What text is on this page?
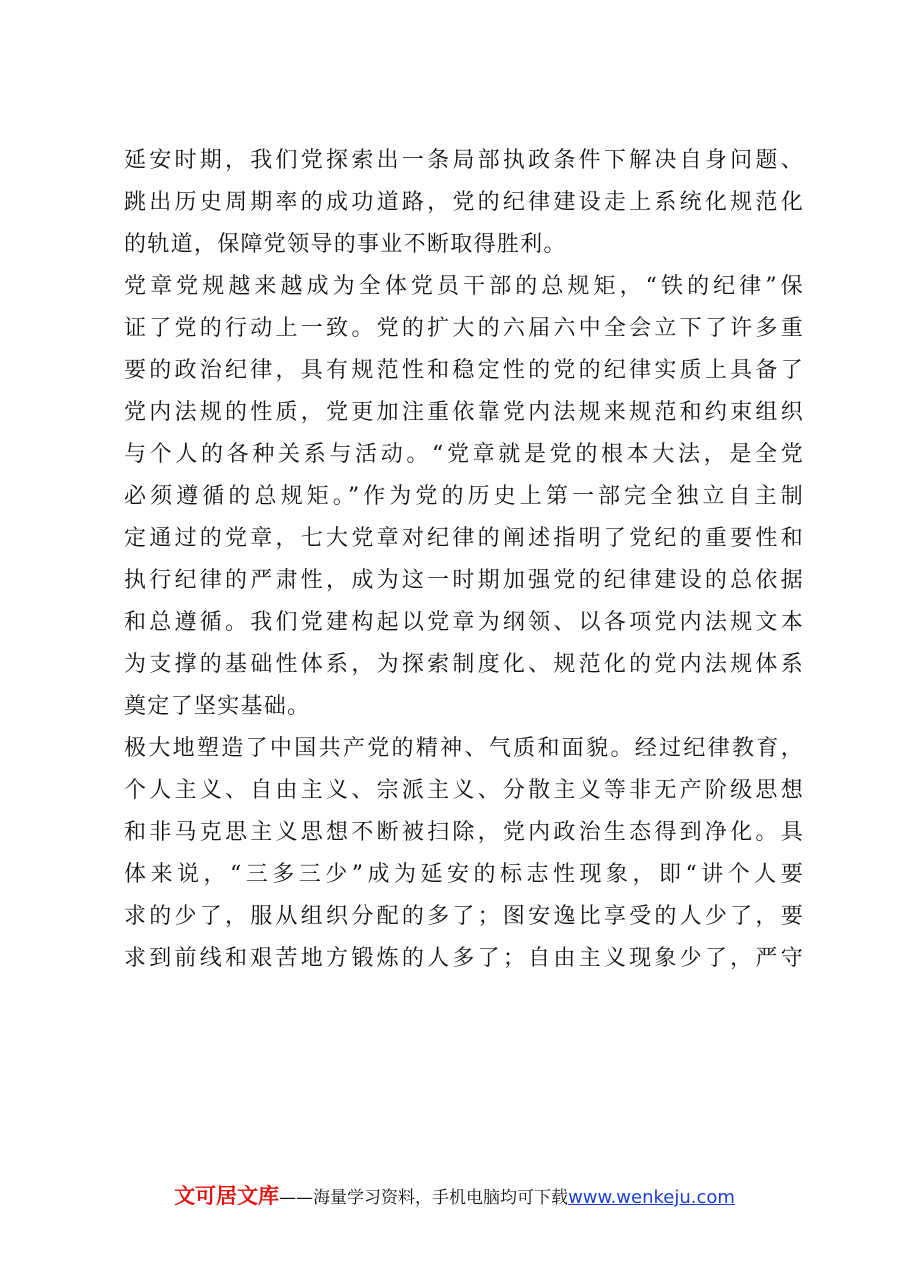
延安时期，我们党探索出一条局部执政条件下解决自身问题、
跳出历史周期率的成功道路，党的纪律建设走上系统化规范化
的轨道，保障党领导的事业不断取得胜利。
党章党规越来越成为全体党员干部的总规矩，“铁的纪律”保
证了党的行动上一致。党的扩大的六届六中全会立下了许多重
要的政治纪律，具有规范性和稳定性的党的纪律实质上具备了
党内法规的性质，党更加注重依靠党内法规来规范和约束组织
与个人的各种关系与活动。“党章就是党的根本大法，是全党
必须遵循的总规矩。”作为党的历史上第一部完全独立自主制
定通过的党章，七大党章对纪律的阐述指明了党纪的重要性和
执行纪律的严肃性，成为这一时期加强党的纪律建设的总依据
和总遵循。我们党建构起以党章为纲领、以各项党内法规文本
为支撑的基础性体系，为探索制度化、规范化的党内法规体系
奠定了坚实基础。
极大地塑造了中国共产党的精神、气质和面貌。经过纪律教育，
个人主义、自由主义、宗派主义、分散主义等非无产阶级思想
和非马克思主义思想不断被扫除，党内政治生态得到净化。具
体来说，“三多三少”成为延安的标志性现象，即“讲个人要
求的少了，服从组织分配的多了；图安逸比享受的人少了，要
求到前线和艰苦地方锻炼的人多了；自由主义现象少了，严守
文可居文库——海量学习资料，手机电脑均可下载www.wenkeju.com
